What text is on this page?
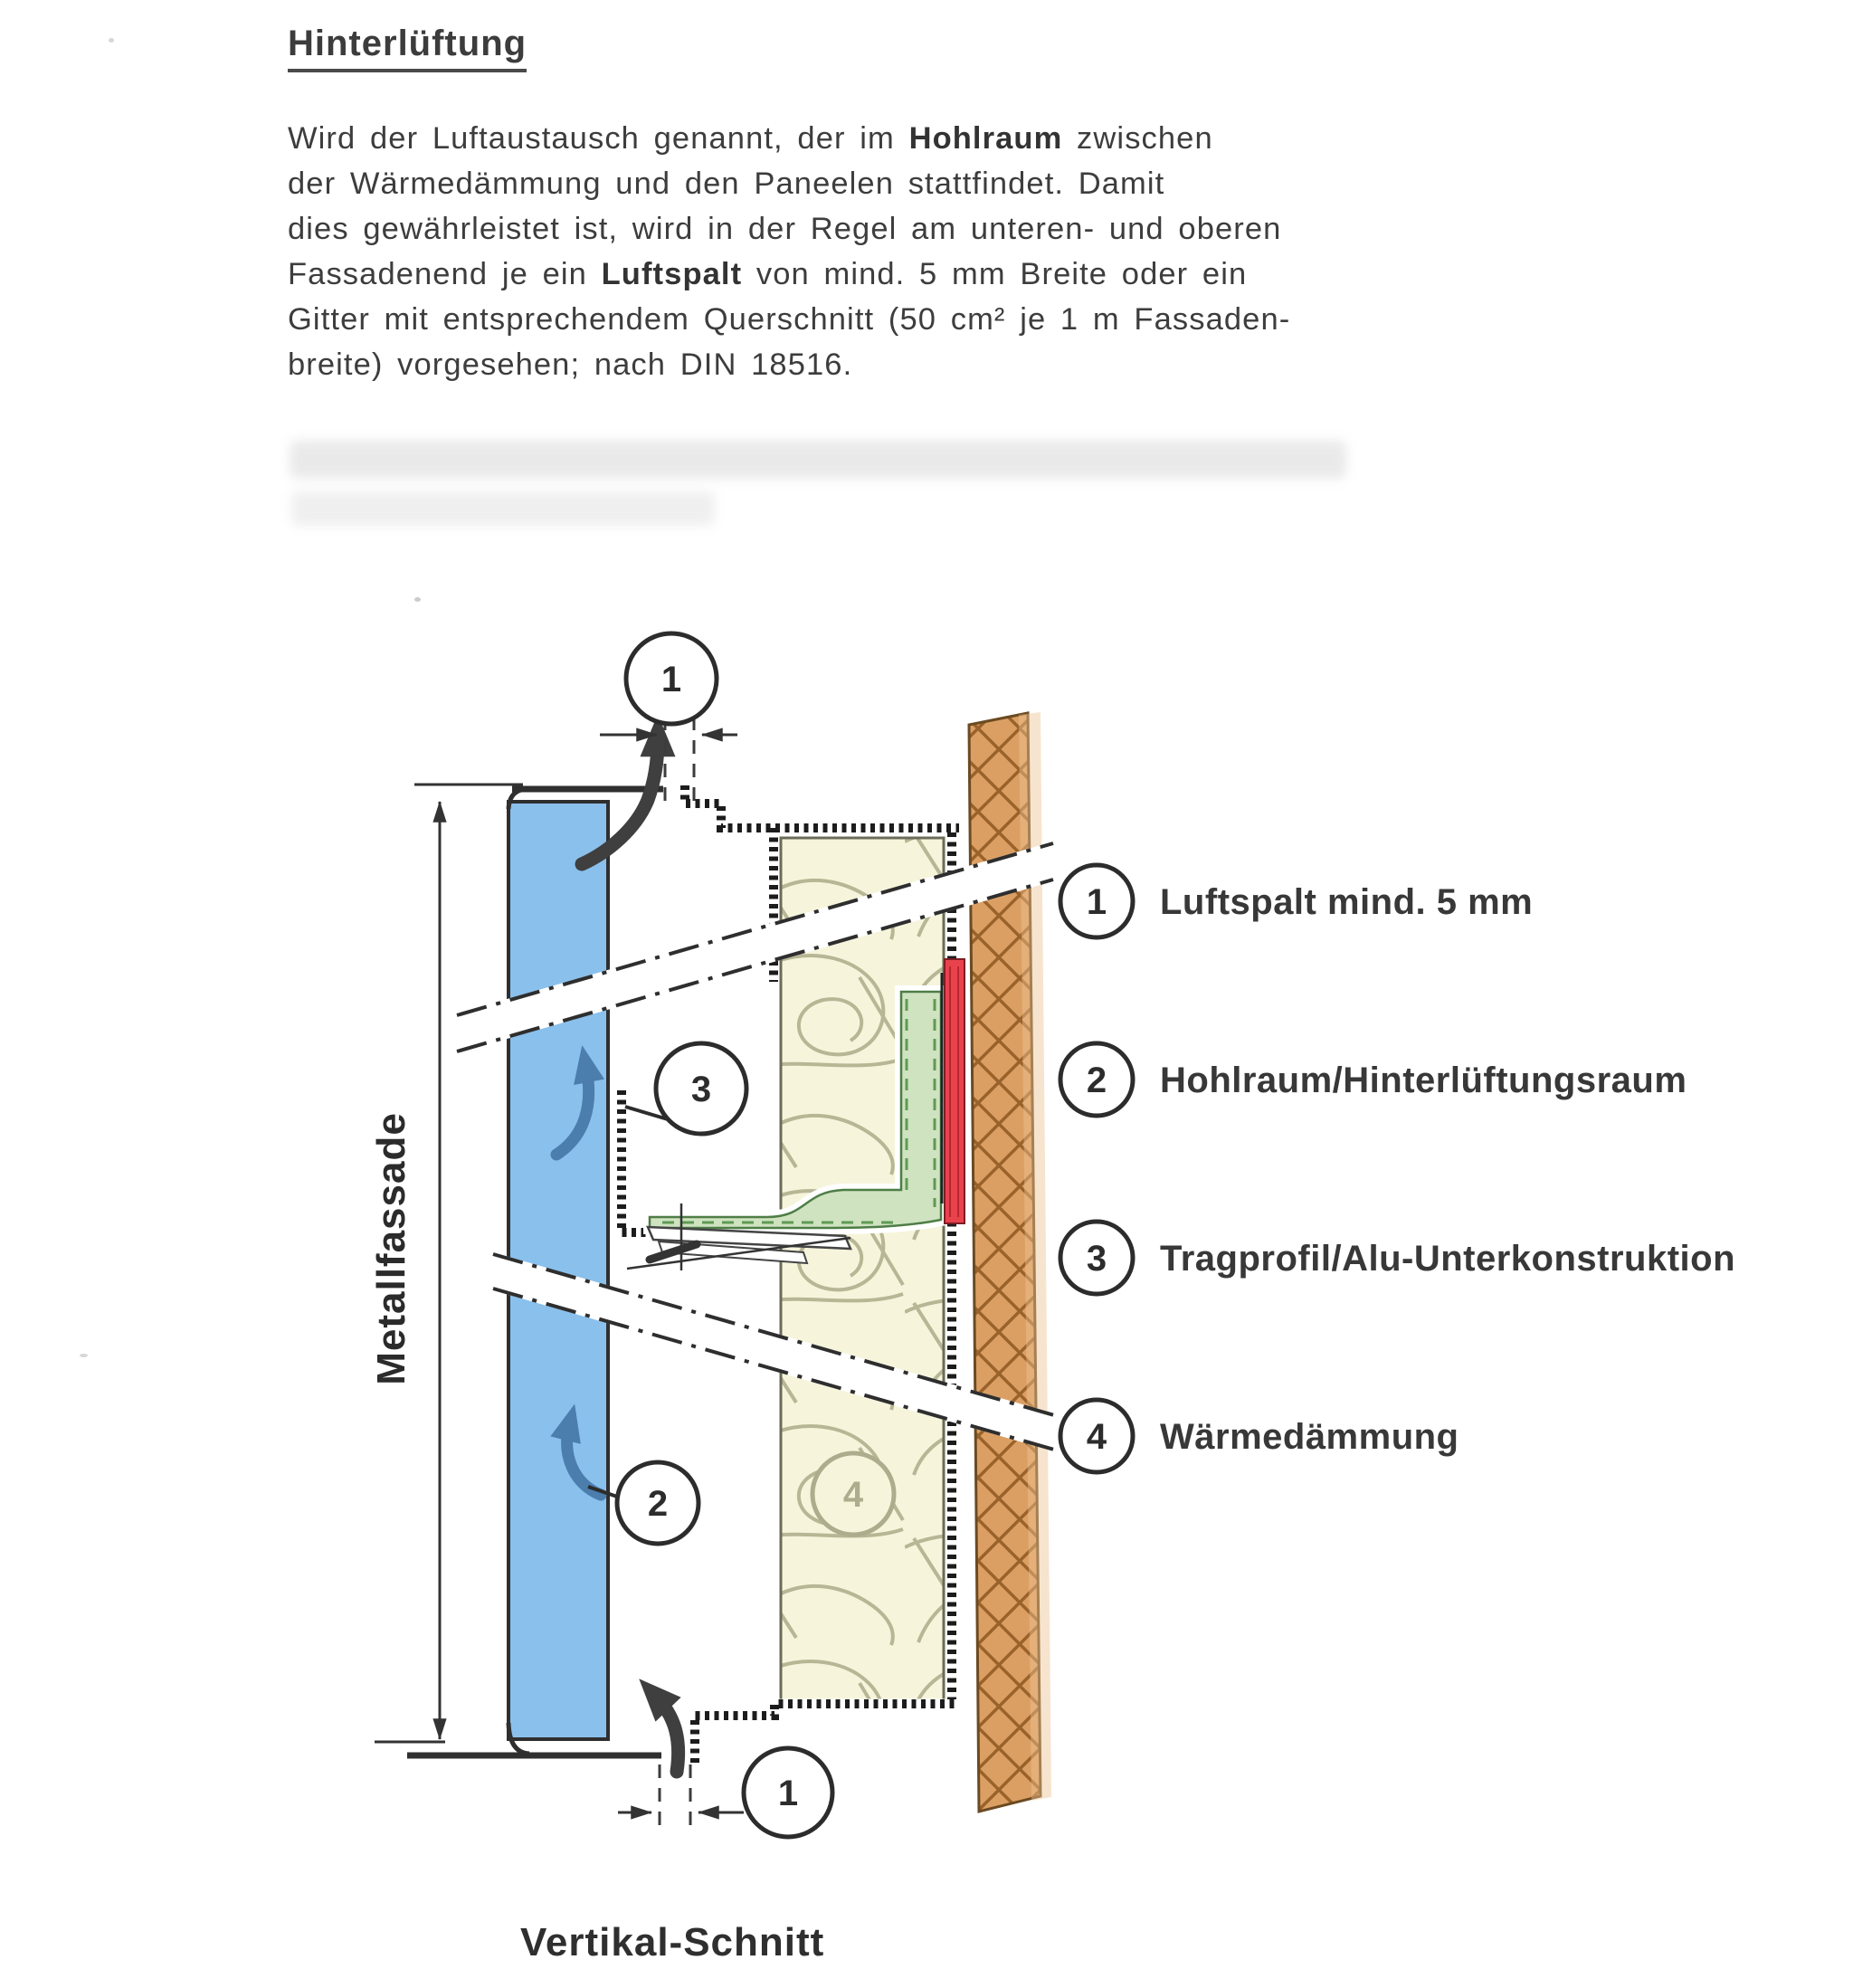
Hinterlüftung
Wird der Luftaustausch genannt, der im Hohlraum zwischen
der Wärmedämmung und den Paneelen stattfindet. Damit
dies gewährleistet ist, wird in der Regel am unteren- und oberen
Fassadenend je ein Luftspalt von mind. 5 mm Breite oder ein
Gitter mit entsprechendem Querschnitt (50 cm² je 1 m Fassaden-
breite) vorgesehen; nach DIN 18516.
Metallfassade
1
3
2	4
1
1 Luftspalt mind. 5 mm
2 Hohlraum/Hinterlüftungsraum
3 Tragprofil/Alu-Unterkonstruktion
4 Wärmedämmung
Vertikal-Schnitt
